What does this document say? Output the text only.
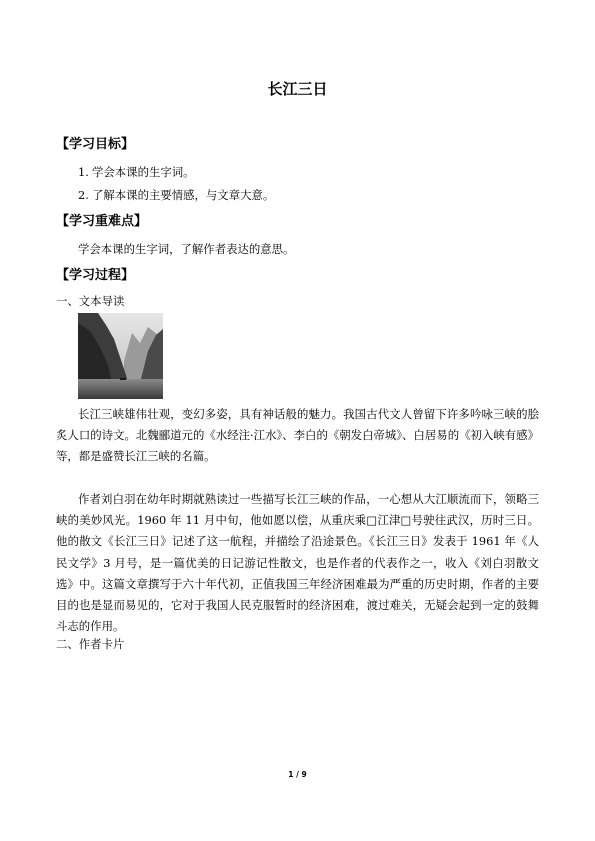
长江三日
【学习目标】
1. 学会本课的生字词。
2. 了解本课的主要情感，与文章大意。
【学习重难点】
学会本课的生字词，了解作者表达的意思。
【学习过程】
一、文本导读

长江三峡雄伟壮观，变幻多姿，具有神话般的魅力。我国古代文人曾留下许多吟咏三峡的脍炙人口的诗文。北魏郦道元的《水经注·江水》、李白的《朝发白帝城》、白居易的《初入峡有感》等，都是盛赞长江三峡的名篇。

作者刘白羽在幼年时期就熟读过一些描写长江三峡的作品，一心想从大江顺流而下，领略三峡的美妙风光。1960 年 11 月中旬，他如愿以偿，从重庆乘□江津□号驶往武汉，历时三日。他的散文《长江三日》记述了这一航程，并描绘了沿途景色。《长江三日》发表于 1961 年《人民文学》3 月号，是一篇优美的日记游记性散文，也是作者的代表作之一，收入《刘白羽散文选》中。这篇文章撰写于六十年代初，正值我国三年经济困难最为严重的历史时期，作者的主要目的也是显而易见的，它对于我国人民克服暂时的经济困难，渡过难关，无疑会起到一定的鼓舞斗志的作用。

二、作者卡片
1 / 9
